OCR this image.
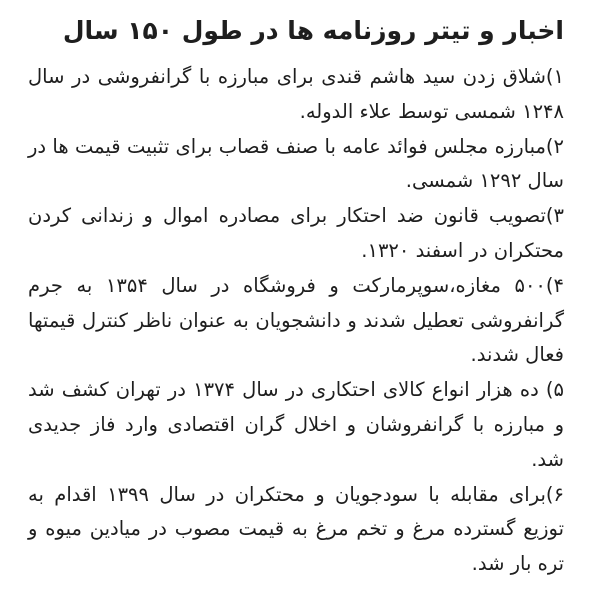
اخبار و تیتر روزنامه ها در طول ۱۵۰ سال
۱)شلاق زدن سید هاشم قندی برای مبارزه با گرانفروشی در سال ۱۲۴۸ شمسی توسط علاء الدوله.
۲)مبارزه مجلس فوائد عامه با صنف قصاب برای تثبیت قیمت ها در سال ۱۲۹۲ شمسی.
۳)تصویب قانون ضد احتکار برای مصادره اموال و زندانی کردن محتکران در اسفند ۱۳۲۰.
۴)۵۰۰ مغازه،سوپرمارکت و فروشگاه در سال ۱۳۵۴ به جرم گرانفروشی تعطیل شدند و دانشجویان به عنوان ناظر کنترل قیمتها فعال شدند.
۵) ده هزار انواع کالای احتکاری در سال ۱۳۷۴ در تهران کشف شد و مبارزه با گرانفروشان و اخلال گران اقتصادی وارد فاز جدیدی شد.
۶)برای مقابله با سودجویان و محتکران در سال ۱۳۹۹ اقدام به توزیع گسترده مرغ و تخم مرغ به قیمت مصوب در میادین میوه و تره بار شد.
